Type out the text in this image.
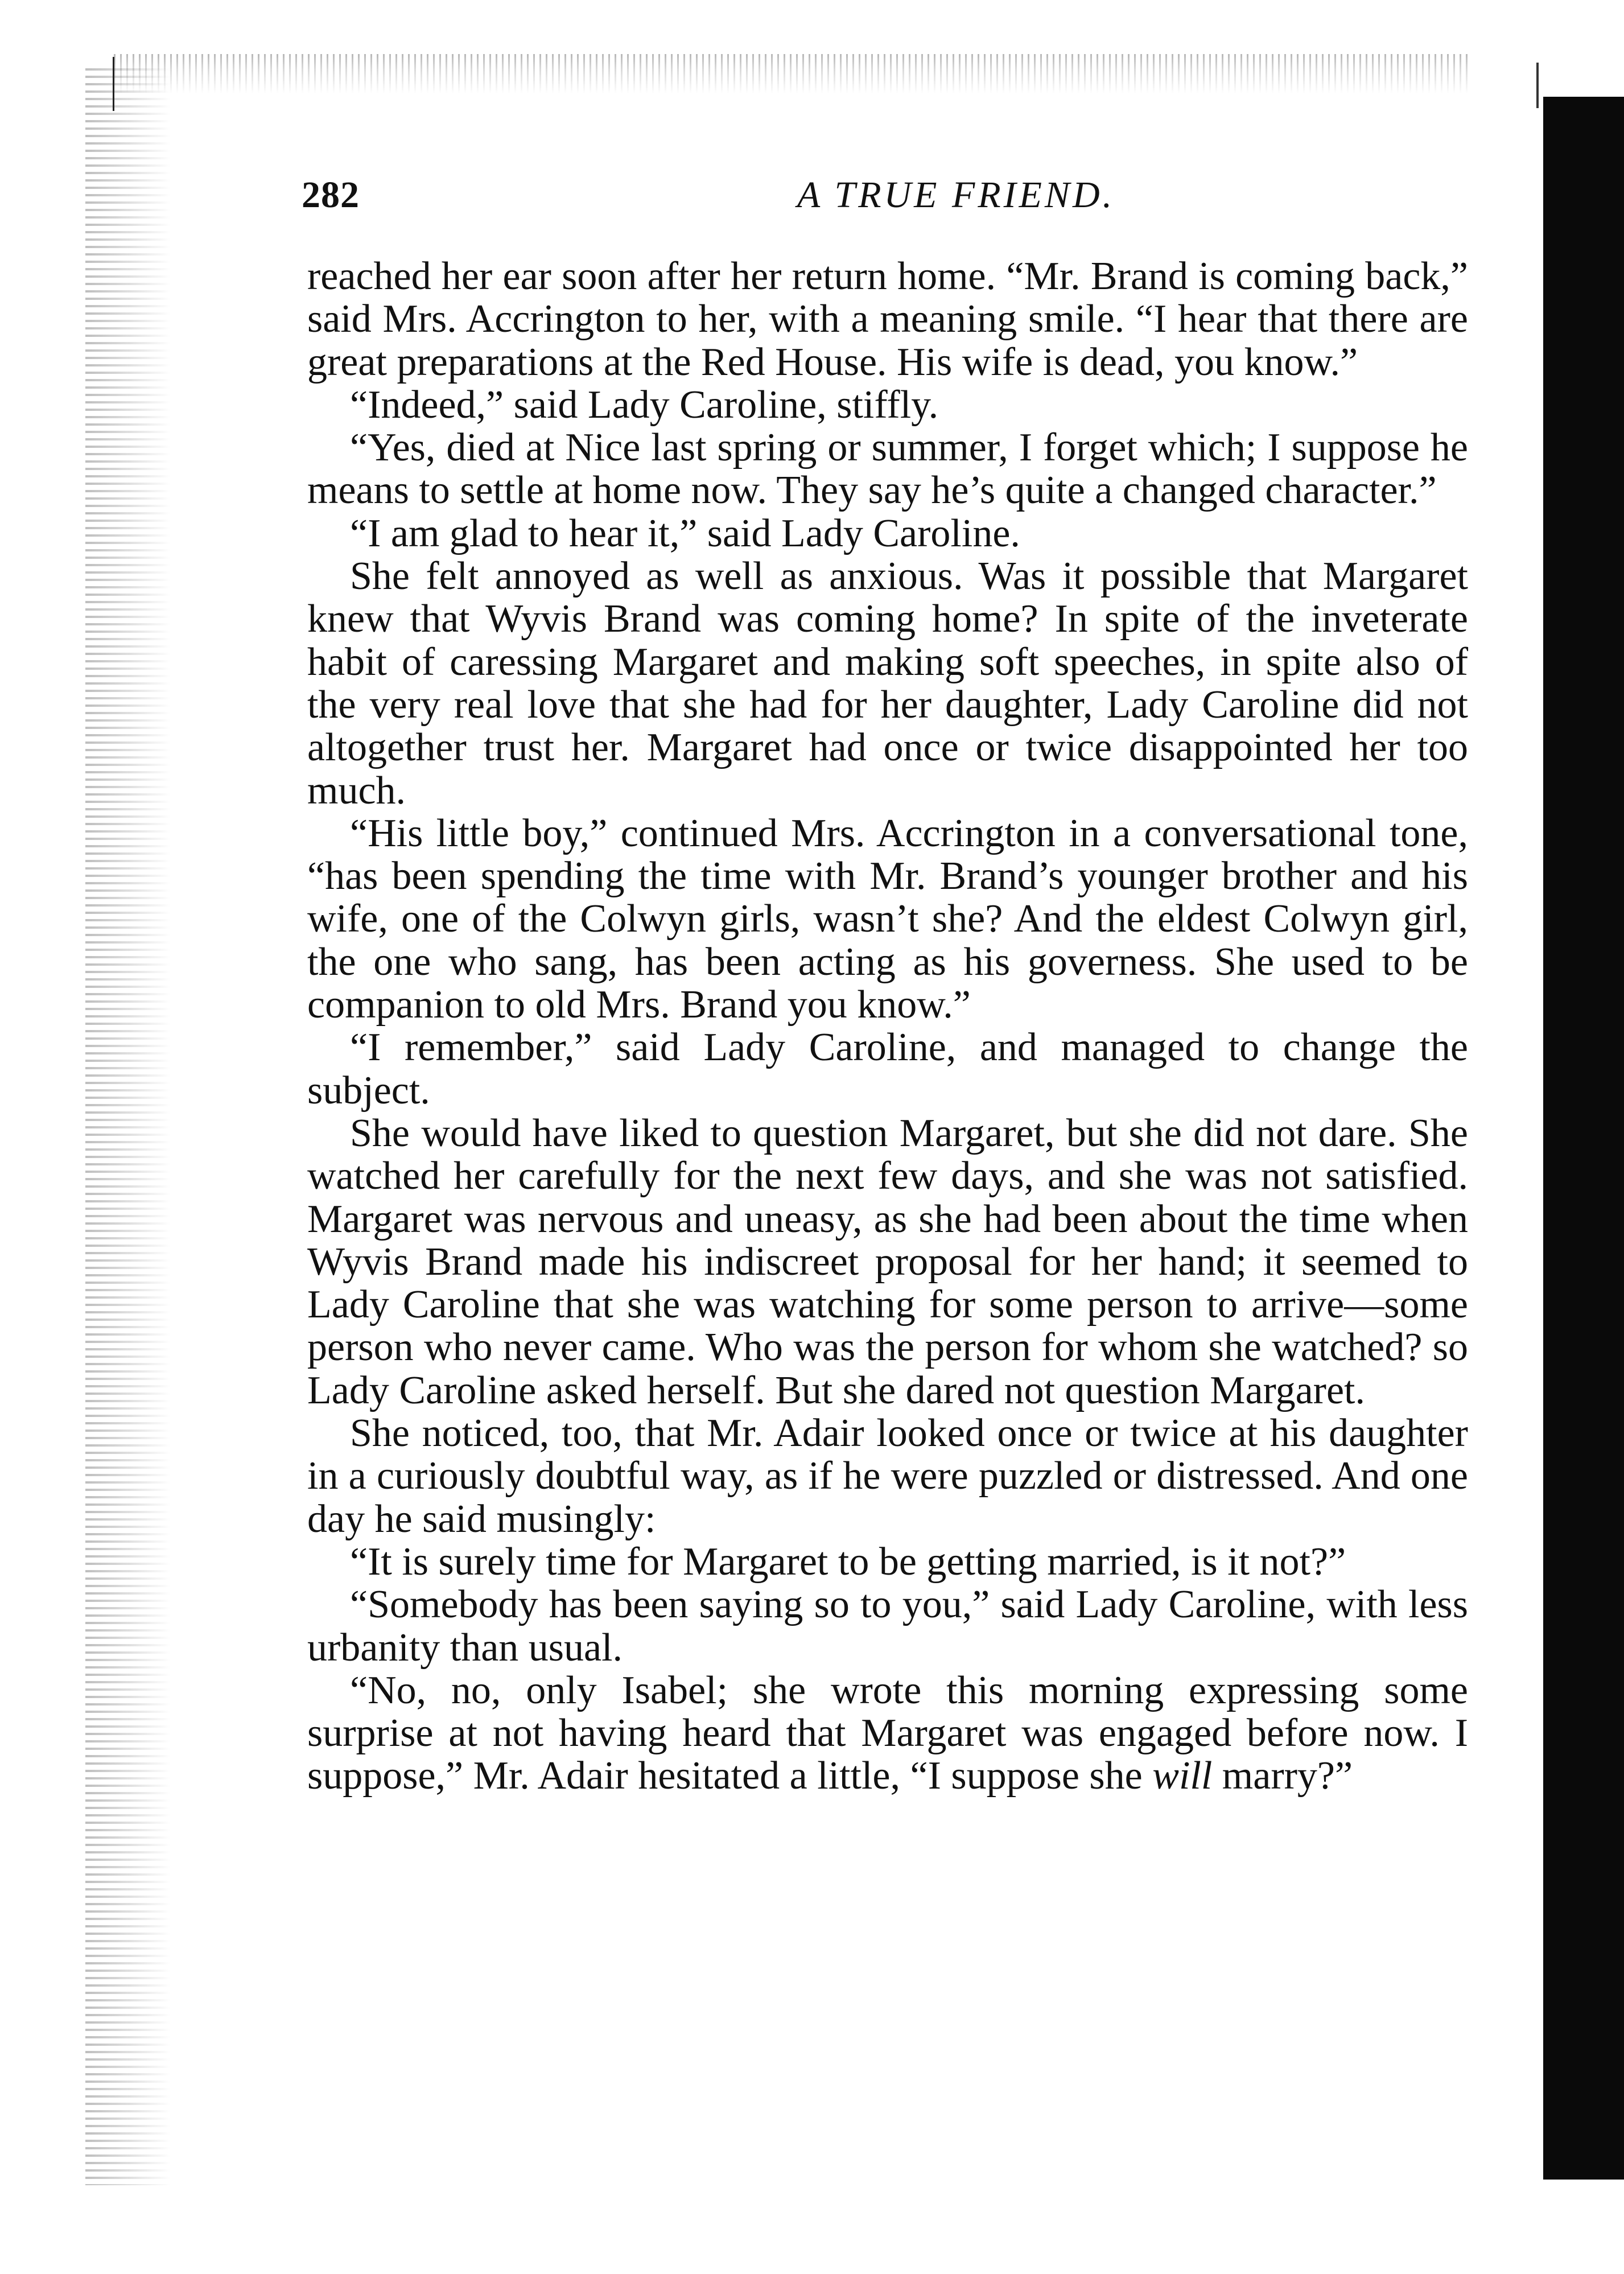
282	A TRUE FRIEND.

reached her ear soon after her return home. “Mr. Brand is coming back,” said Mrs. Accrington to her, with a meaning smile. “I hear that there are great preparations at the Red House. His wife is dead, you know.”

“Indeed,” said Lady Caroline, stiffly.

“Yes, died at Nice last spring or summer, I forget which; I suppose he means to settle at home now. They say he’s quite a changed character.”

“I am glad to hear it,” said Lady Caroline.

She felt annoyed as well as anxious. Was it possible that Margaret knew that Wyvis Brand was coming home? In spite of the inveterate habit of caressing Margaret and making soft speeches, in spite also of the very real love that she had for her daughter, Lady Caroline did not altogether trust her. Margaret had once or twice disappointed her too much.

“His little boy,” continued Mrs. Accrington in a conversational tone, “has been spending the time with Mr. Brand’s younger brother and his wife, one of the Colwyn girls, wasn’t she? And the eldest Colwyn girl, the one who sang, has been acting as his governess. She used to be companion to old Mrs. Brand you know.”

“I remember,” said Lady Caroline, and managed to change the subject.

She would have liked to question Margaret, but she did not dare. She watched her carefully for the next few days, and she was not satisfied. Margaret was nervous and uneasy, as she had been about the time when Wyvis Brand made his indiscreet proposal for her hand; it seemed to Lady Caroline that she was watching for some person to arrive—some person who never came. Who was the person for whom she watched? so Lady Caroline asked herself. But she dared not question Margaret.

She noticed, too, that Mr. Adair looked once or twice at his daughter in a curiously doubtful way, as if he were puzzled or distressed. And one day he said musingly:

“It is surely time for Margaret to be getting married, is it not?”

“Somebody has been saying so to you,” said Lady Caroline, with less urbanity than usual.

“No, no, only Isabel; she wrote this morning expressing some surprise at not having heard that Margaret was engaged before now. I suppose,” Mr. Adair hesitated a little, “I suppose she will marry?”
